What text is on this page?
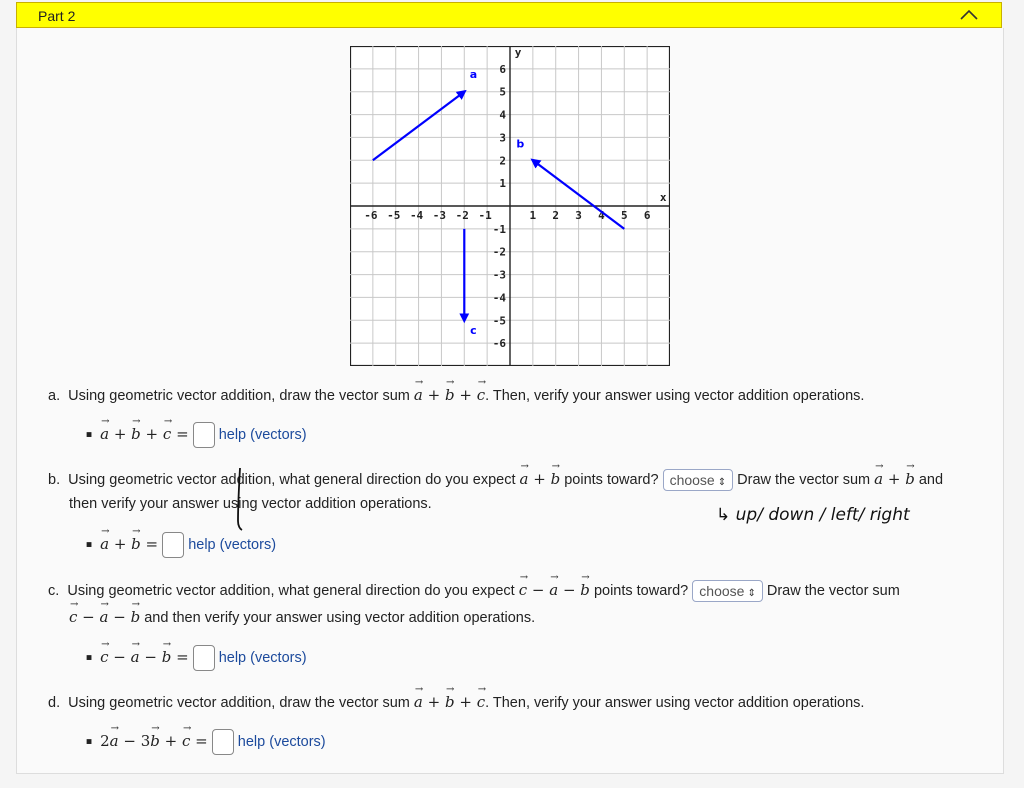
Part 2
-6 -5 -4 -3 -2 -1	1 2 3 4 5 6
6
5
4
3
2
1
-1
-2
-3
-4
-5
-6
x
y
a
b
c
a. Using geometric vector addition, draw the vector sum → a + → b + → c. Then, verify your answer using vector addition operations.
■ → a + → b + → c = help (vectors)
b. Using geometric vector addition, what general direction do you expect → a + → b points toward? choose ⇕ Draw the vector sum → a + → b and
then verify your answer using vector addition operations.
↳ up/ down / left/ right
■ → a + → b = help (vectors)
c. Using geometric vector addition, what general direction do you expect → c − → a − → b points toward? choose ⇕ Draw the vector sum
→ c − → a − → b and then verify your answer using vector addition operations.
■ → c − → a − → b = help (vectors)
d. Using geometric vector addition, draw the vector sum → a + → b + → c. Then, verify your answer using vector addition operations.
■ 2→ a − 3→ b + → c = help (vectors)
